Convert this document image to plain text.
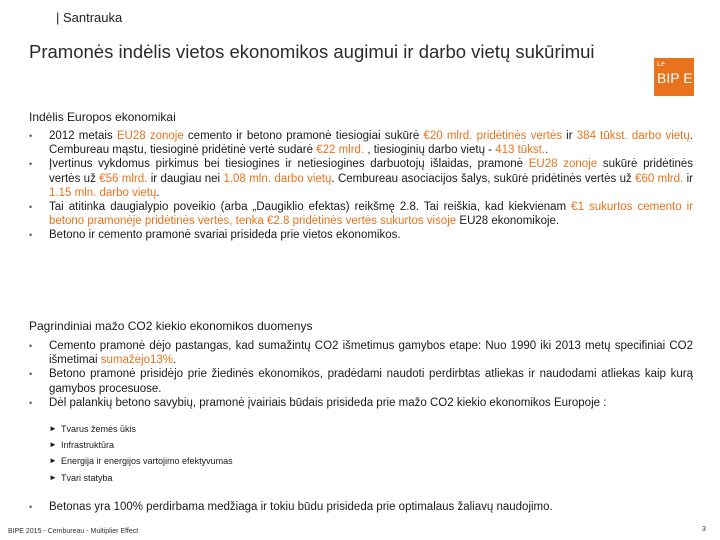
| Santrauka
Pramonės indėlis vietos ekonomikos augimui ir darbo vietų sukūrimui
Le
BIP E
Indėlis Europos ekonomikai
• 2012 metais EU28 zonoje cemento ir betono pramonė tiesiogiai sukūrė €20 mlrd. pridėtinės vertės ir 384 tūkst. darbo vietų. Cembureau mąstu, tiesioginė pridėtinė vertė sudarė €22 mlrd. , tiesioginių darbo vietų - 413 tūkst..
• Įvertinus vykdomus pirkimus bei tiesiogines ir netiesiogines darbuotojų išlaidas, pramonė EU28 zonoje sukūrė pridėtinės vertės už €56 mlrd. ir daugiau nei 1.08 mln. darbo vietų. Cembureau asociacijos šalys, sukūrė pridėtinės vertės už €60 mlrd. ir 1.15 mln. darbo vietų.
• Tai atitinka daugialypio poveikio (arba „Daugiklio efektas) reikšmę 2.8. Tai reiškia, kad kiekvienam €1 sukurtos cemento ir betono pramonėje pridėtinės vertės, tenka €2.8 pridėtinės vertės sukurtos visoje EU28 ekonomikoje.
• Betono ir cemento pramonė svariai prisideda prie vietos ekonomikos.
Pagrindiniai mažo CO2 kiekio ekonomikos duomenys
• Cemento pramonė dėjo pastangas, kad sumažintų CO2 išmetimus gamybos etape: Nuo 1990 iki 2013 metų specifiniai CO2 išmetimai sumažėjo13%.
• Betono pramonė prisidėjo prie žiedinės ekonomikos, pradėdami naudoti perdirbtas atliekas ir naudodami atliekas kaip kurą gamybos procesuose.
• Dėl palankių betono savybių, pramonė įvairiais būdais prisideda prie mažo CO2 kiekio ekonomikos Europoje :
► Tvarus žemės ūkis
► Infrastruktūra
► Energija ir energijos vartojimo efektyvumas
► Tvari statyba
• Betonas yra 100% perdirbama medžiaga ir tokiu būdu prisideda prie optimalaus žaliavų naudojimo.
BIPE 2015 - Cembureau - Multiplier Effect	3
